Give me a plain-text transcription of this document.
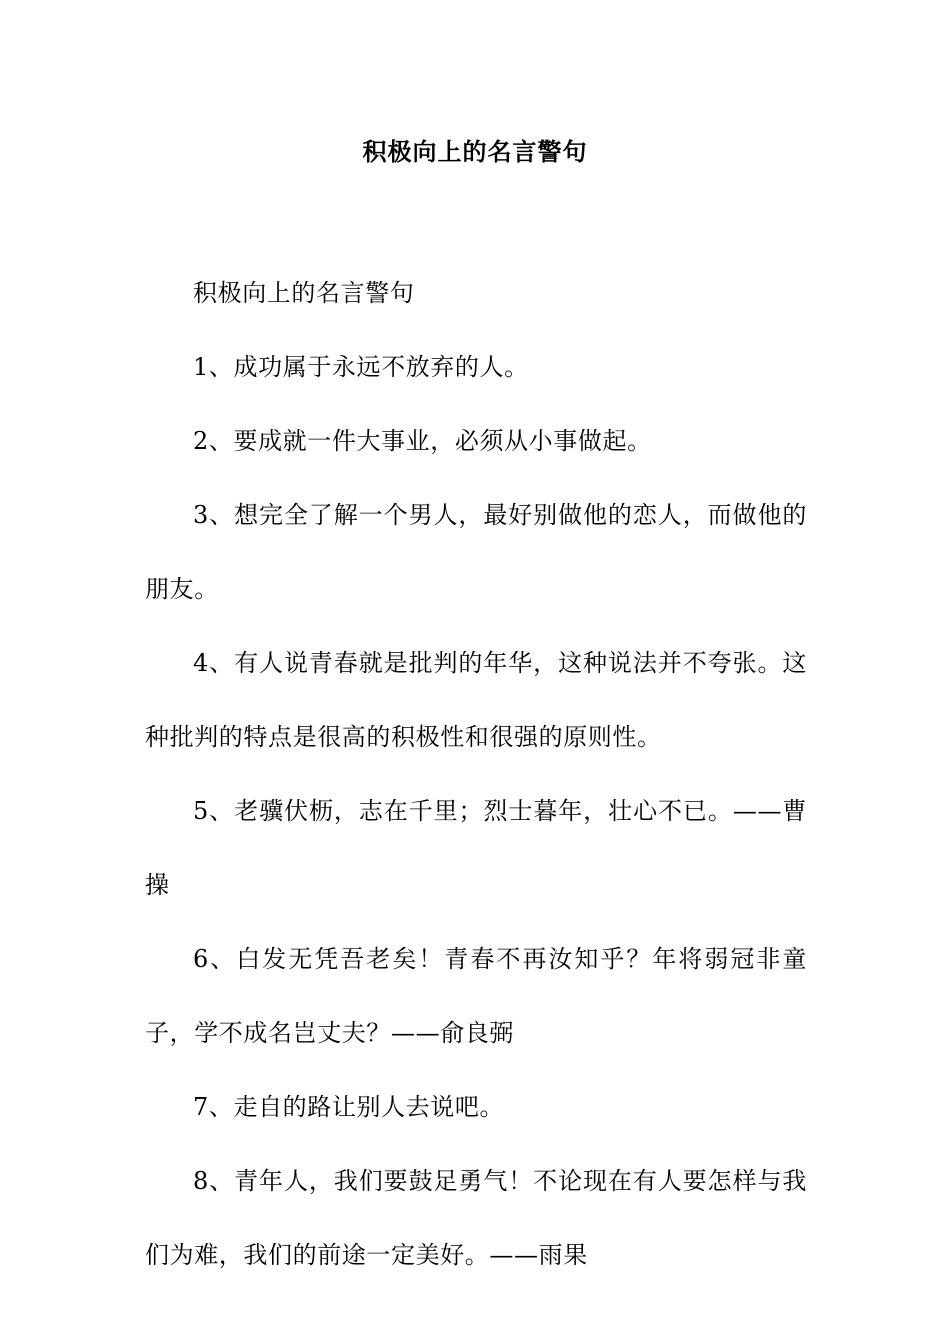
积极向上的名言警句

积极向上的名言警句

1、成功属于永远不放弃的人。

2、要成就一件大事业，必须从小事做起。

3、想完全了解一个男人，最好别做他的恋人，而做他的朋友。

4、有人说青春就是批判的年华，这种说法并不夸张。这种批判的特点是很高的积极性和很强的原则性。

5、老骥伏枥，志在千里；烈士暮年，壮心不已。——曹操

6、白发无凭吾老矣！青春不再汝知乎？年将弱冠非童子，学不成名岂丈夫？——俞良弼

7、走自的路让别人去说吧。

8、青年人，我们要鼓足勇气！不论现在有人要怎样与我们为难，我们的前途一定美好。——雨果
